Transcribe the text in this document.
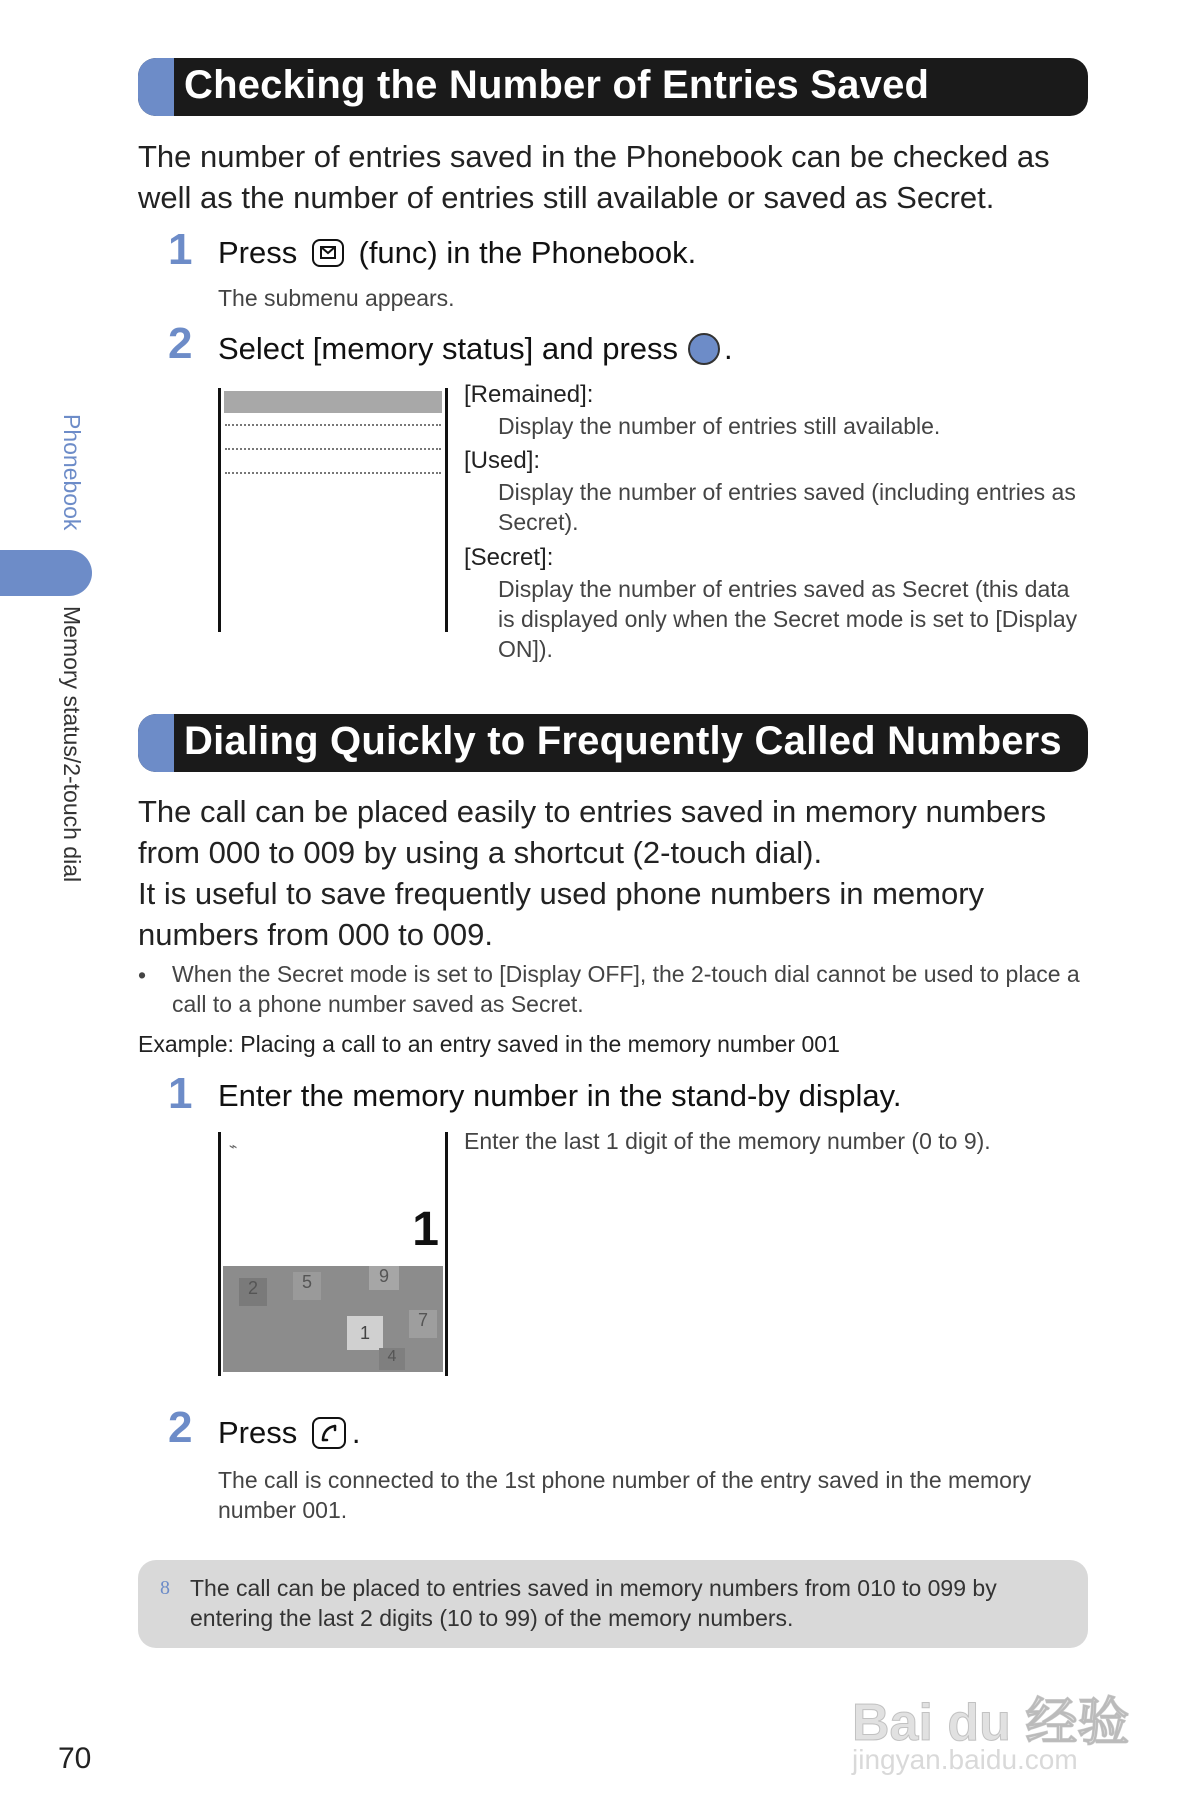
Phonebook
Memory status/2-touch dial
Checking the Number of Entries Saved
The number of entries saved in the Phonebook can be checked as well as the number of entries still available or saved as Secret.
1 Press (func) in the Phonebook.
The submenu appears.
2 Select [memory status] and press .
[Remained]:
Display the number of entries still available.
[Used]:
Display the number of entries saved (including entries as Secret).
[Secret]:
Display the number of entries saved as Secret (this data is displayed only when the Secret mode is set to [Display ON]).
Dialing Quickly to Frequently Called Numbers
The call can be placed easily to entries saved in memory numbers from 000 to 009 by using a shortcut (2-touch dial).
It is useful to save frequently used phone numbers in memory numbers from 000 to 009.
• When the Secret mode is set to [Display OFF], the 2-touch dial cannot be used to place a call to a phone number saved as Secret.
Example: Placing a call to an entry saved in the memory number 001
1 Enter the memory number in the stand-by display.
⌁
1
2	5	9
1
7
4
Enter the last 1 digit of the memory number (0 to 9).
2 Press .
The call is connected to the 1st phone number of the entry saved in the memory number 001.
8 The call can be placed to entries saved in memory numbers from 010 to 099 by entering the last 2 digits (10 to 99) of the memory numbers.
Bai du 经验
jingyan.baidu.com
70
